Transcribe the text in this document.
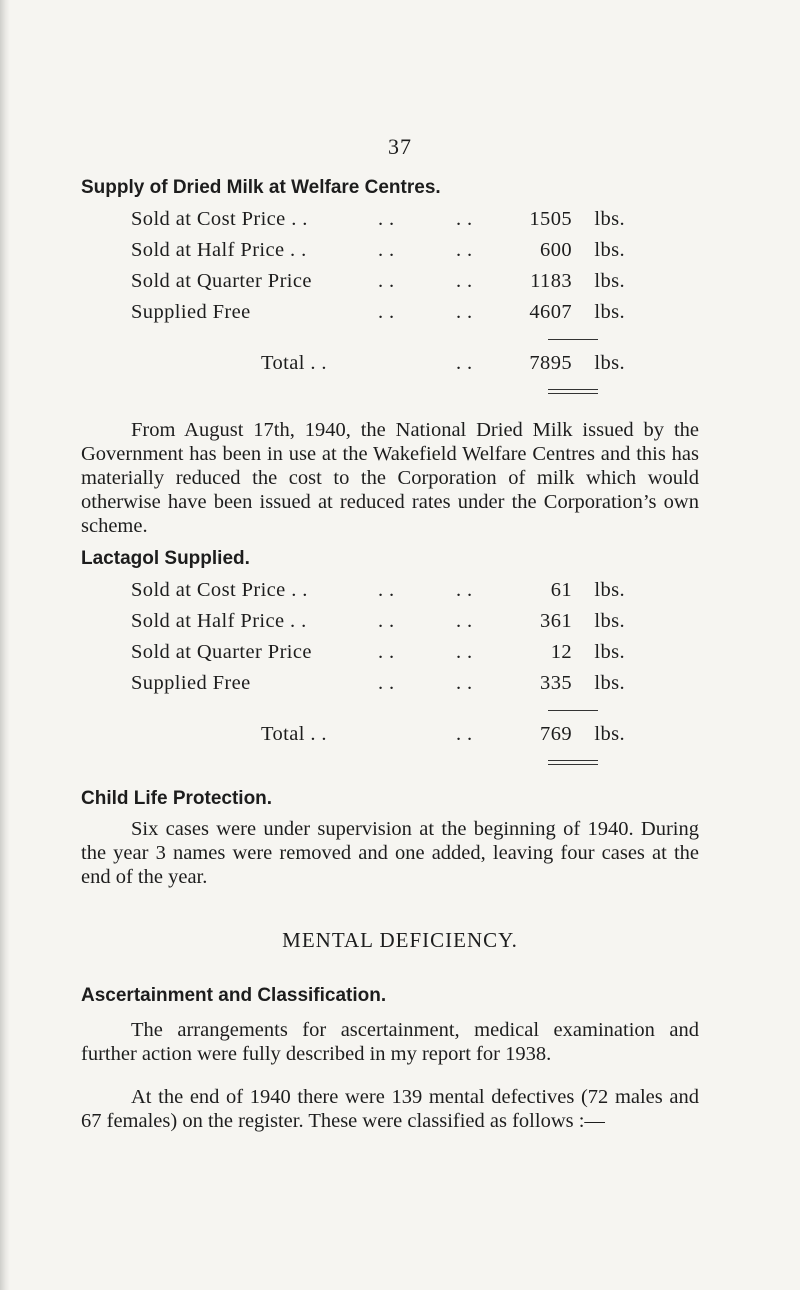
37
Supply of Dried Milk at Welfare Centres.
Sold at Cost Price . .	. .	. .	1505 lbs.
Sold at Half Price . .	. .	. .	600 lbs.
Sold at Quarter Price	. .	. .	1183 lbs.
Supplied Free	. .	. .	4607 lbs.
Total . .	. .	7895 lbs.

From August 17th, 1940, the National Dried Milk issued by the Government has been in use at the Wakefield Welfare Centres and this has materially reduced the cost to the Corporation of milk which would otherwise have been issued at reduced rates under the Corporation’s own scheme.

Lactagol Supplied.
Sold at Cost Price . .	. .	. .	61 lbs.
Sold at Half Price . .	. .	. .	361 lbs.
Sold at Quarter Price	. .	. .	12 lbs.
Supplied Free	. .	. .	335 lbs.
Total . .	. .	769 lbs.
Child Life Protection.

Six cases were under supervision at the beginning of 1940. During the year 3 names were removed and one added, leaving four cases at the end of the year.

MENTAL DEFICIENCY.
Ascertainment and Classification.

The arrangements for ascertainment, medical examination and further action were fully described in my report for 1938.

At the end of 1940 there were 139 mental defectives (72 males and 67 females) on the register. These were classified as follows :—
